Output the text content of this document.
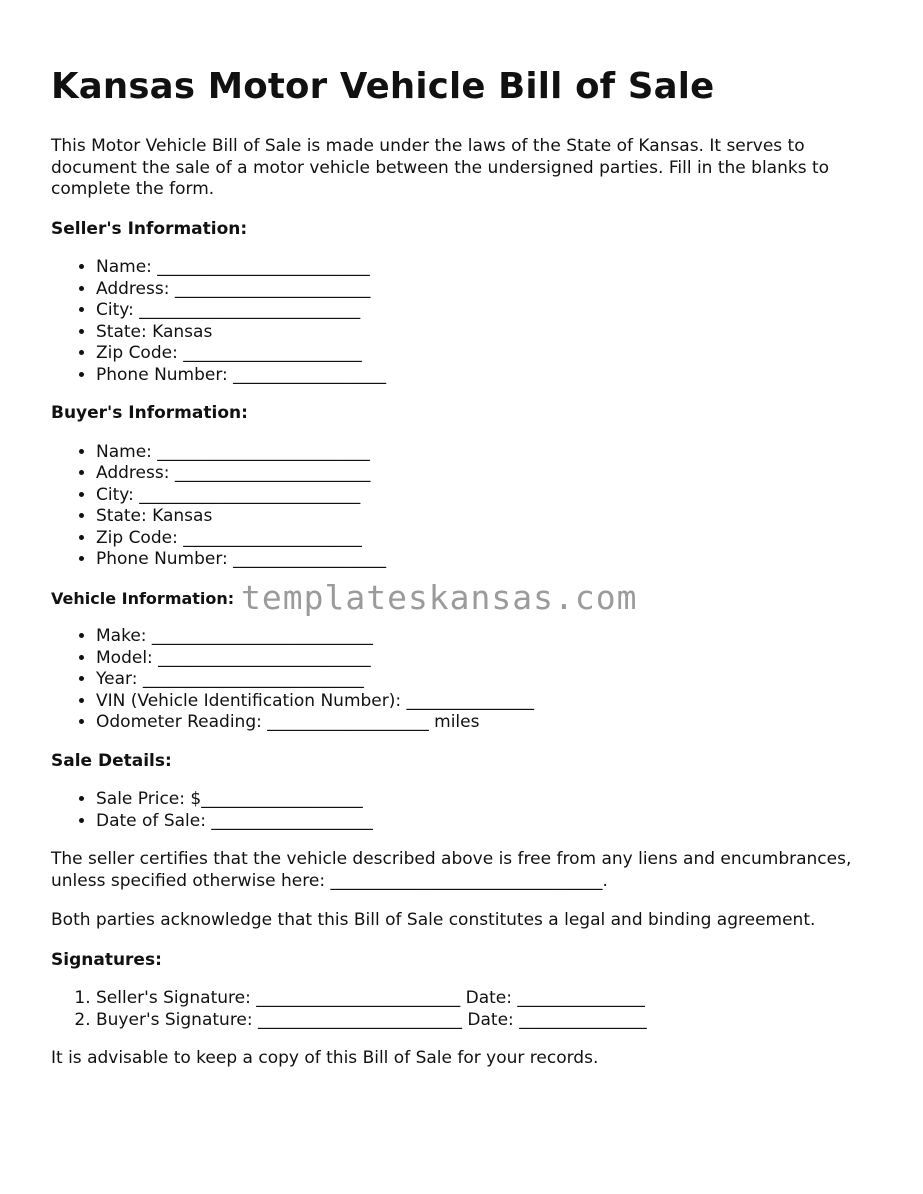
Kansas Motor Vehicle Bill of Sale

This Motor Vehicle Bill of Sale is made under the laws of the State of Kansas. It serves to document the sale of a motor vehicle between the undersigned parties. Fill in the blanks to complete the form.

Seller's Information:
• Name: _________________________
• Address: _______________________
• City: __________________________
• State: Kansas
• Zip Code: _____________________
• Phone Number: __________________
Buyer's Information:
• Name: _________________________
• Address: _______________________
• City: __________________________
• State: Kansas
• Zip Code: _____________________
• Phone Number: __________________
Vehicle Information:
• Make: __________________________
• Model: _________________________
• Year: __________________________
• VIN (Vehicle Identification Number): _______________
• Odometer Reading: ___________________ miles
Sale Details:
• Sale Price: $___________________
• Date of Sale: ___________________

The seller certifies that the vehicle described above is free from any liens and encumbrances, unless specified otherwise here: ________________________________.

Both parties acknowledge that this Bill of Sale constitutes a legal and binding agreement.

Signatures:
1. Seller's Signature: ________________________ Date: _______________
2. Buyer's Signature: ________________________ Date: _______________

It is advisable to keep a copy of this Bill of Sale for your records.

templateskansas.com
